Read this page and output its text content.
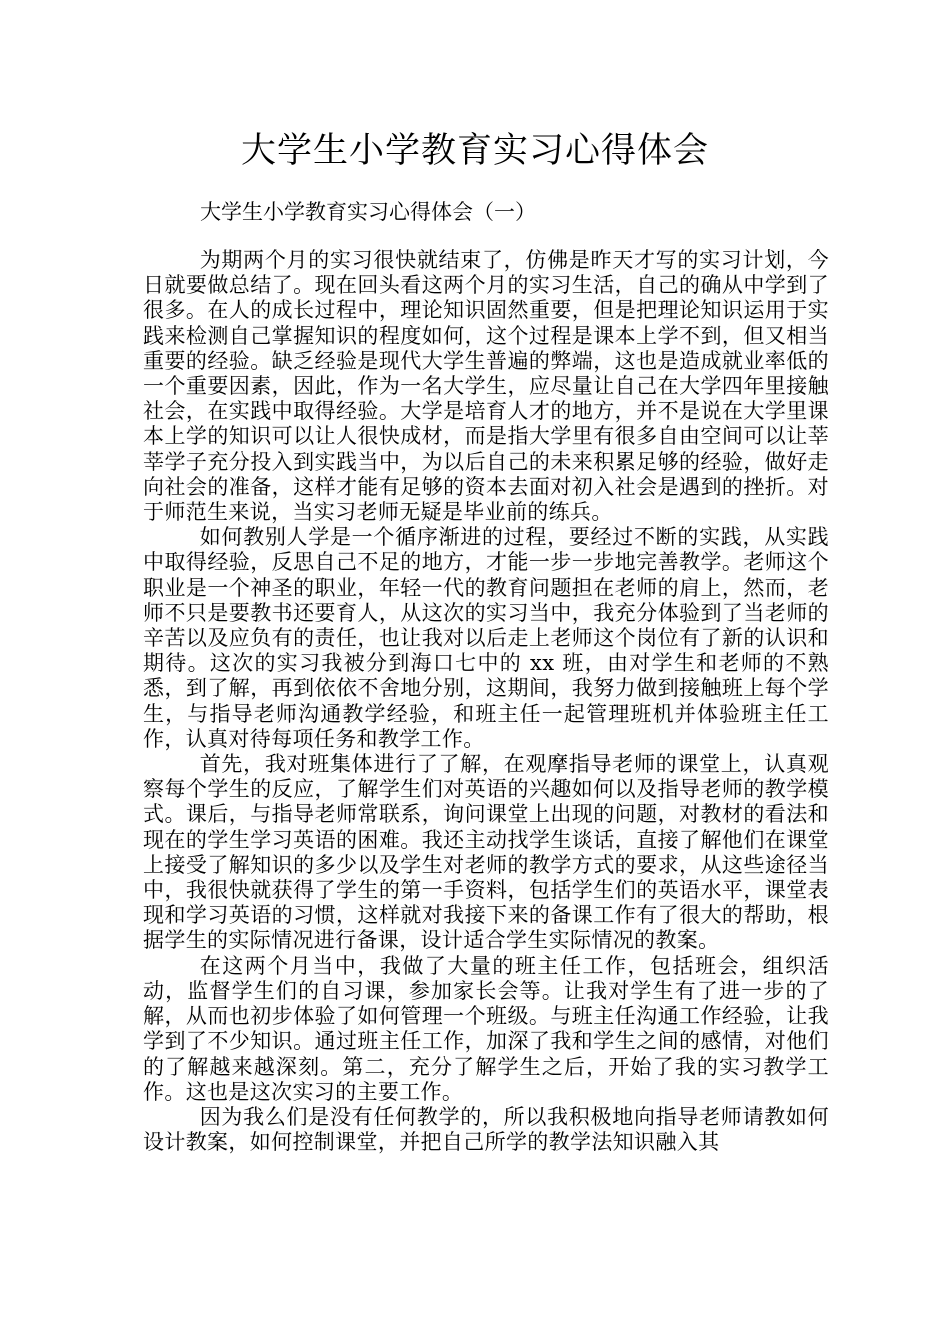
大学生小学教育实习心得体会

大学生小学教育实习心得体会（一）

为期两个月的实习很快就结束了，仿佛是昨天才写的实习计划，今日就要做总结了。现在回头看这两个月的实习生活，自己的确从中学到了很多。在人的成长过程中，理论知识固然重要，但是把理论知识运用于实践来检测自己掌握知识的程度如何，这个过程是课本上学不到，但又相当重要的经验。缺乏经验是现代大学生普遍的弊端，这也是造成就业率低的一个重要因素，因此，作为一名大学生，应尽量让自己在大学四年里接触社会，在实践中取得经验。大学是培育人才的地方，并不是说在大学里课本上学的知识可以让人很快成材，而是指大学里有很多自由空间可以让莘莘学子充分投入到实践当中，为以后自己的未来积累足够的经验，做好走向社会的准备，这样才能有足够的资本去面对初入社会是遇到的挫折。对于师范生来说，当实习老师无疑是毕业前的练兵。

如何教别人学是一个循序渐进的过程，要经过不断的实践，从实践中取得经验，反思自己不足的地方，才能一步一步地完善教学。老师这个职业是一个神圣的职业，年轻一代的教育问题担在老师的肩上，然而，老师不只是要教书还要育人，从这次的实习当中，我充分体验到了当老师的辛苦以及应负有的责任，也让我对以后走上老师这个岗位有了新的认识和期待。这次的实习我被分到海口七中的 xx 班，由对学生和老师的不熟悉，到了解，再到依依不舍地分别，这期间，我努力做到接触班上每个学生，与指导老师沟通教学经验，和班主任一起管理班机并体验班主任工作，认真对待每项任务和教学工作。

首先，我对班集体进行了了解，在观摩指导老师的课堂上，认真观察每个学生的反应，了解学生们对英语的兴趣如何以及指导老师的教学模式。课后，与指导老师常联系，询问课堂上出现的问题，对教材的看法和现在的学生学习英语的困难。我还主动找学生谈话，直接了解他们在课堂上接受了解知识的多少以及学生对老师的教学方式的要求，从这些途径当中，我很快就获得了学生的第一手资料，包括学生们的英语水平，课堂表现和学习英语的习惯，这样就对我接下来的备课工作有了很大的帮助，根据学生的实际情况进行备课，设计适合学生实际情况的教案。

在这两个月当中，我做了大量的班主任工作，包括班会，组织活动，监督学生们的自习课，参加家长会等。让我对学生有了进一步的了解，从而也初步体验了如何管理一个班级。与班主任沟通工作经验，让我学到了不少知识。通过班主任工作，加深了我和学生之间的感情，对他们的了解越来越深刻。第二，充分了解学生之后，开始了我的实习教学工作。这也是这次实习的主要工作。

因为我么们是没有任何教学的，所以我积极地向指导老师请教如何设计教案，如何控制课堂，并把自己所学的教学法知识融入其
